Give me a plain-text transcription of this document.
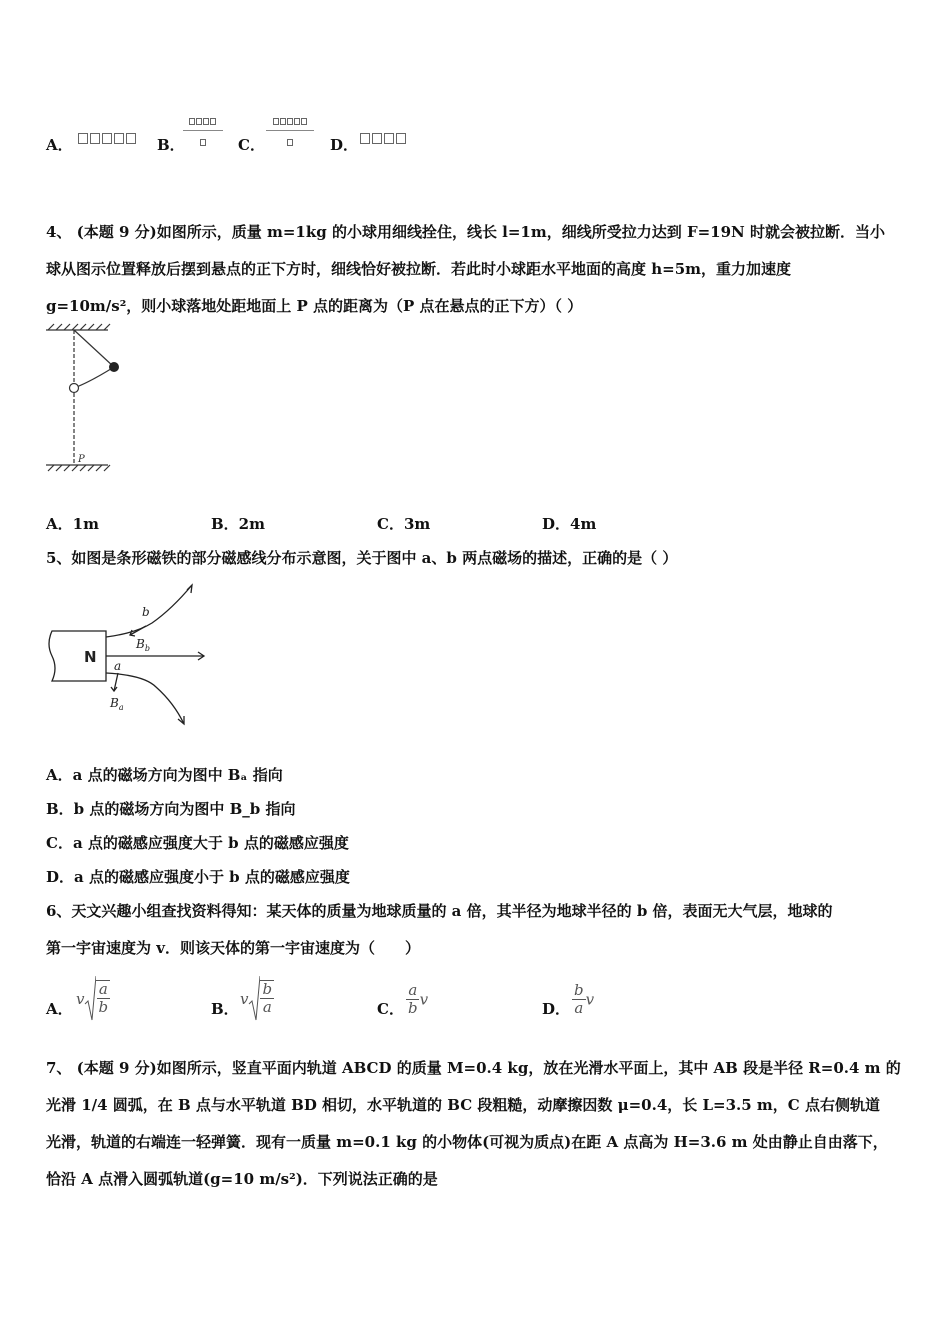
A．	B．	C．	D．
4、 (本题 9 分)如图所示，质量 m=1kg 的小球用细线拴住，线长 l=1m，细线所受拉力达到 F=19N 时就会被拉断．当小
球从图示位置释放后摆到悬点的正下方时，细线恰好被拉断．若此时小球距水平地面的高度 h=5m，重力加速度
g=10m/s²，则小球落地处距地面上 P 点的距离为（P 点在悬点的正下方）（ ）
P
A．1m	B．2m	C．3m	D．4m
5、如图是条形磁铁的部分磁感线分布示意图，关于图中 a、b 两点磁场的描述，正确的是（ ）
N
b
a
$B_b$
$B_a$
A．a 点的磁场方向为图中 Bₐ 指向
B．b 点的磁场方向为图中 B_b 指向
C．a 点的磁感应强度大于 b 点的磁感应强度
D．a 点的磁感应强度小于 b 点的磁感应强度
6、天文兴趣小组查找资料得知：某天体的质量为地球质量的 a 倍，其半径为地球半径的 b 倍，表面无大气层，地球的
第一宇宙速度为 v．则该天体的第一宇宙速度为（　　）
A．
v $\frac{a}{b}$	B．
v $\frac{b}{a}$	C． $\frac{a}{b}$ v
D． $\frac{b}{a}$ v
7、 (本题 9 分)如图所示，竖直平面内轨道 ABCD 的质量 M=0.4 kg，放在光滑水平面上，其中 AB 段是半径 R=0.4 m 的
光滑 1/4 圆弧，在 B 点与水平轨道 BD 相切，水平轨道的 BC 段粗糙，动摩擦因数 μ=0.4，长 L=3.5 m，C 点右侧轨道
光滑，轨道的右端连一轻弹簧．现有一质量 m=0.1 kg 的小物体(可视为质点)在距 A 点高为 H=3.6 m 处由静止自由落下，
恰沿 A 点滑入圆弧轨道(g=10 m/s²)．下列说法正确的是
